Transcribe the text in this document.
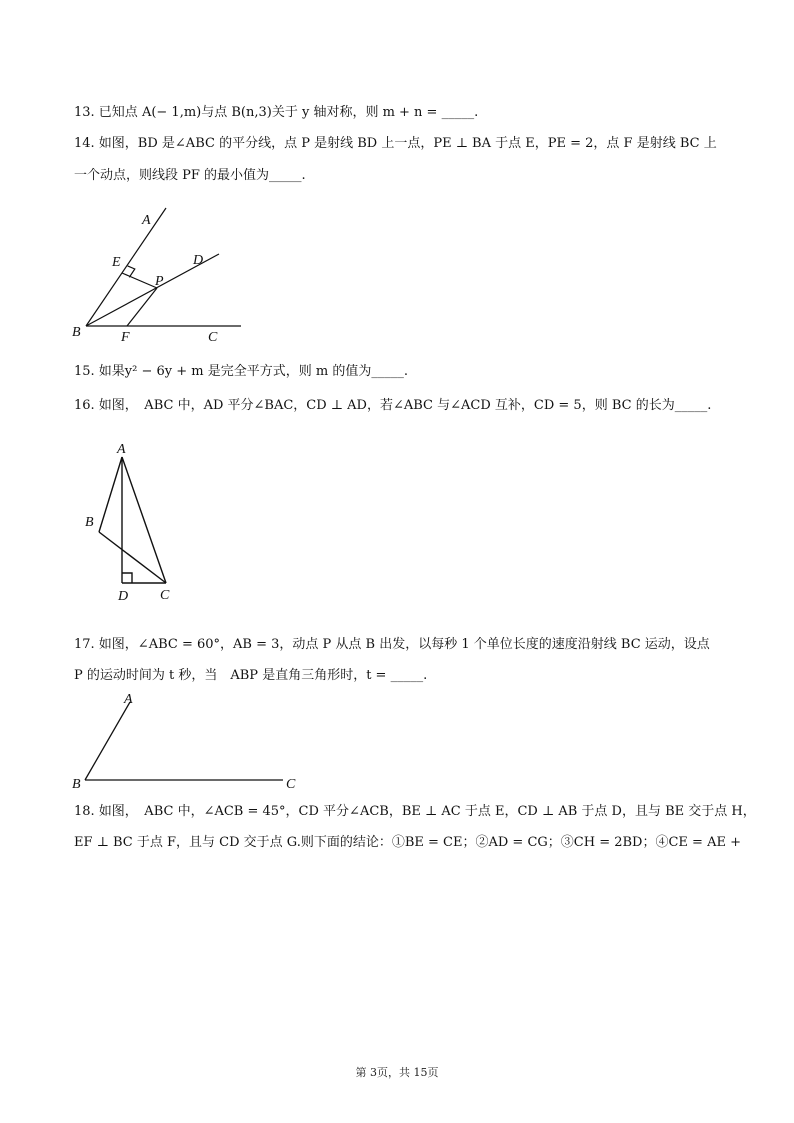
13. 已知点 A(− 1,m)与点 B(n,3)关于 y 轴对称，则 m + n = _____.
14. 如图，BD 是∠ABC 的平分线，点 P 是射线 BD 上一点，PE ⊥ BA 于点 E，PE = 2，点 F 是射线 BC 上
一个动点，则线段 PF 的最小值为_____.
A
E	D
P
B	F	C
15. 如果y² − 6y + m 是完全平方式，则 m 的值为_____.
16. 如图，　ABC 中，AD 平分∠BAC，CD ⊥ AD，若∠ABC 与∠ACD 互补，CD = 5，则 BC 的长为_____.
A
B
D C
17. 如图，∠ABC = 60°，AB = 3，动点 P 从点 B 出发，以每秒 1 个单位长度的速度沿射线 BC 运动，设点
P 的运动时间为 t 秒，当　ABP 是直角三角形时，t = _____.
A
B	C
18. 如图，　ABC 中，∠ACB = 45°，CD 平分∠ACB，BE ⊥ AC 于点 E，CD ⊥ AB 于点 D，且与 BE 交于点 H，
EF ⊥ BC 于点 F，且与 CD 交于点 G.则下面的结论：①BE = CE；②AD = CG；③CH = 2BD；④CE = AE +
第 3页，共 15页
